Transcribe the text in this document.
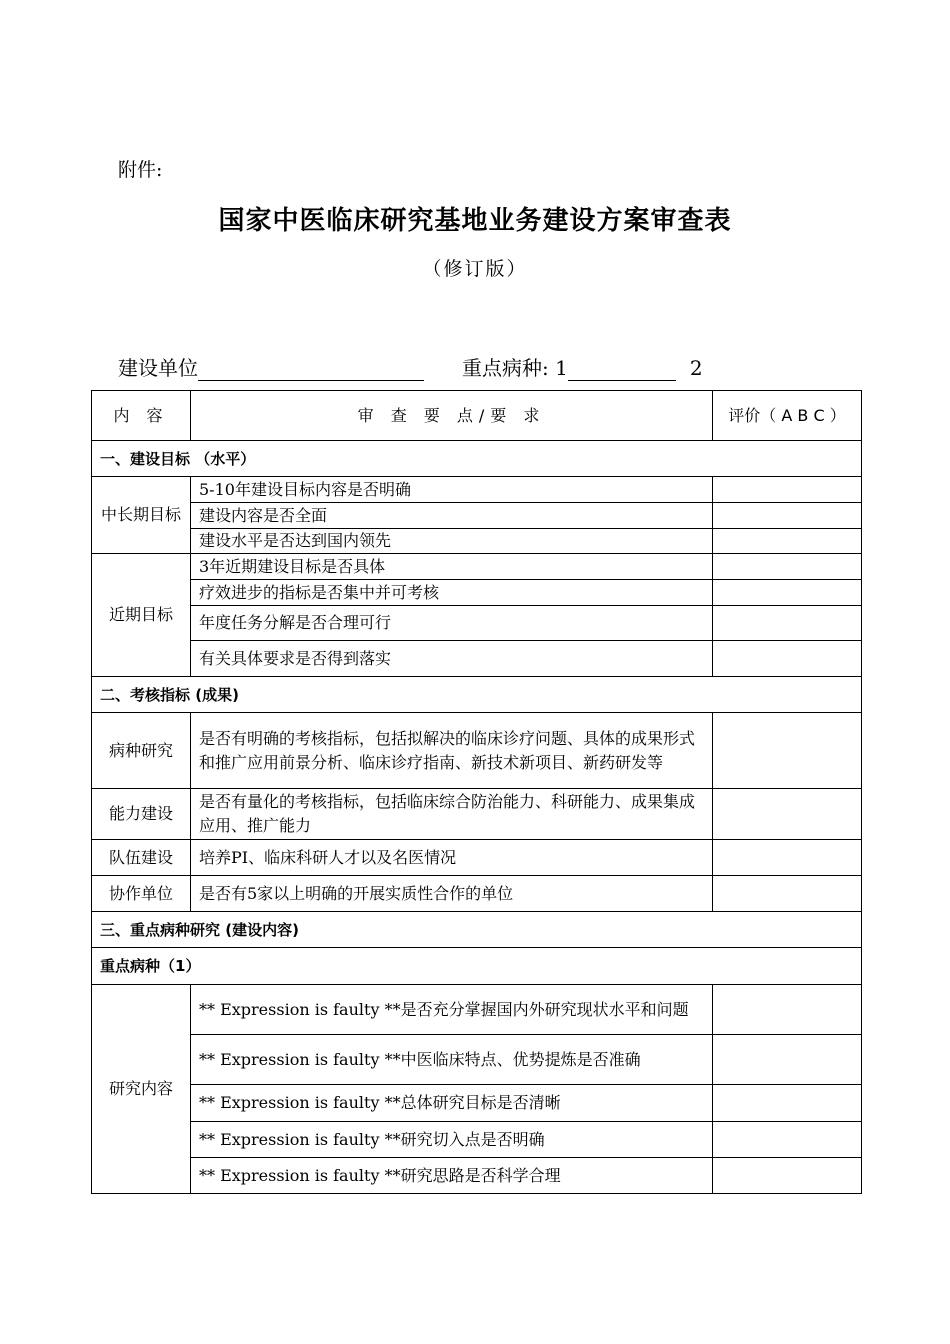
附件:
国家中医临床研究基地业务建设方案审查表
（修订版）
建设单位	重点病种: 1	2
内 容	审 查 要 点/要 求	评价（ A B C ）
一、建设目标 （水平）		
中长期目标	5-10年建设目标内容是否明确	
	建设内容是否全面	
	建设水平是否达到国内领先	
近期目标	3年近期建设目标是否具体	
	疗效进步的指标是否集中并可考核	
	年度任务分解是否合理可行	
	有关具体要求是否得到落实	
二、考核指标 (成果)		
病种研究	是否有明确的考核指标，包括拟解决的临床诊疗问题、具体的成果形式和推广应用前景分析、临床诊疗指南、新技术新项目、新药研发等	
能力建设	是否有量化的考核指标，包括临床综合防治能力、科研能力、成果集成应用、推广能力	
队伍建设	培养PI、临床科研人才以及名医情况	
协作单位	是否有5家以上明确的开展实质性合作的单位	
三、重点病种研究 (建设内容)		
重点病种（1）		
研究内容	** Expression is faulty **是否充分掌握国内外研究现状水平和问题	
	** Expression is faulty **中医临床特点、优势提炼是否准确	
	** Expression is faulty **总体研究目标是否清晰	
	** Expression is faulty **研究切入点是否明确	
	** Expression is faulty **研究思路是否科学合理	
